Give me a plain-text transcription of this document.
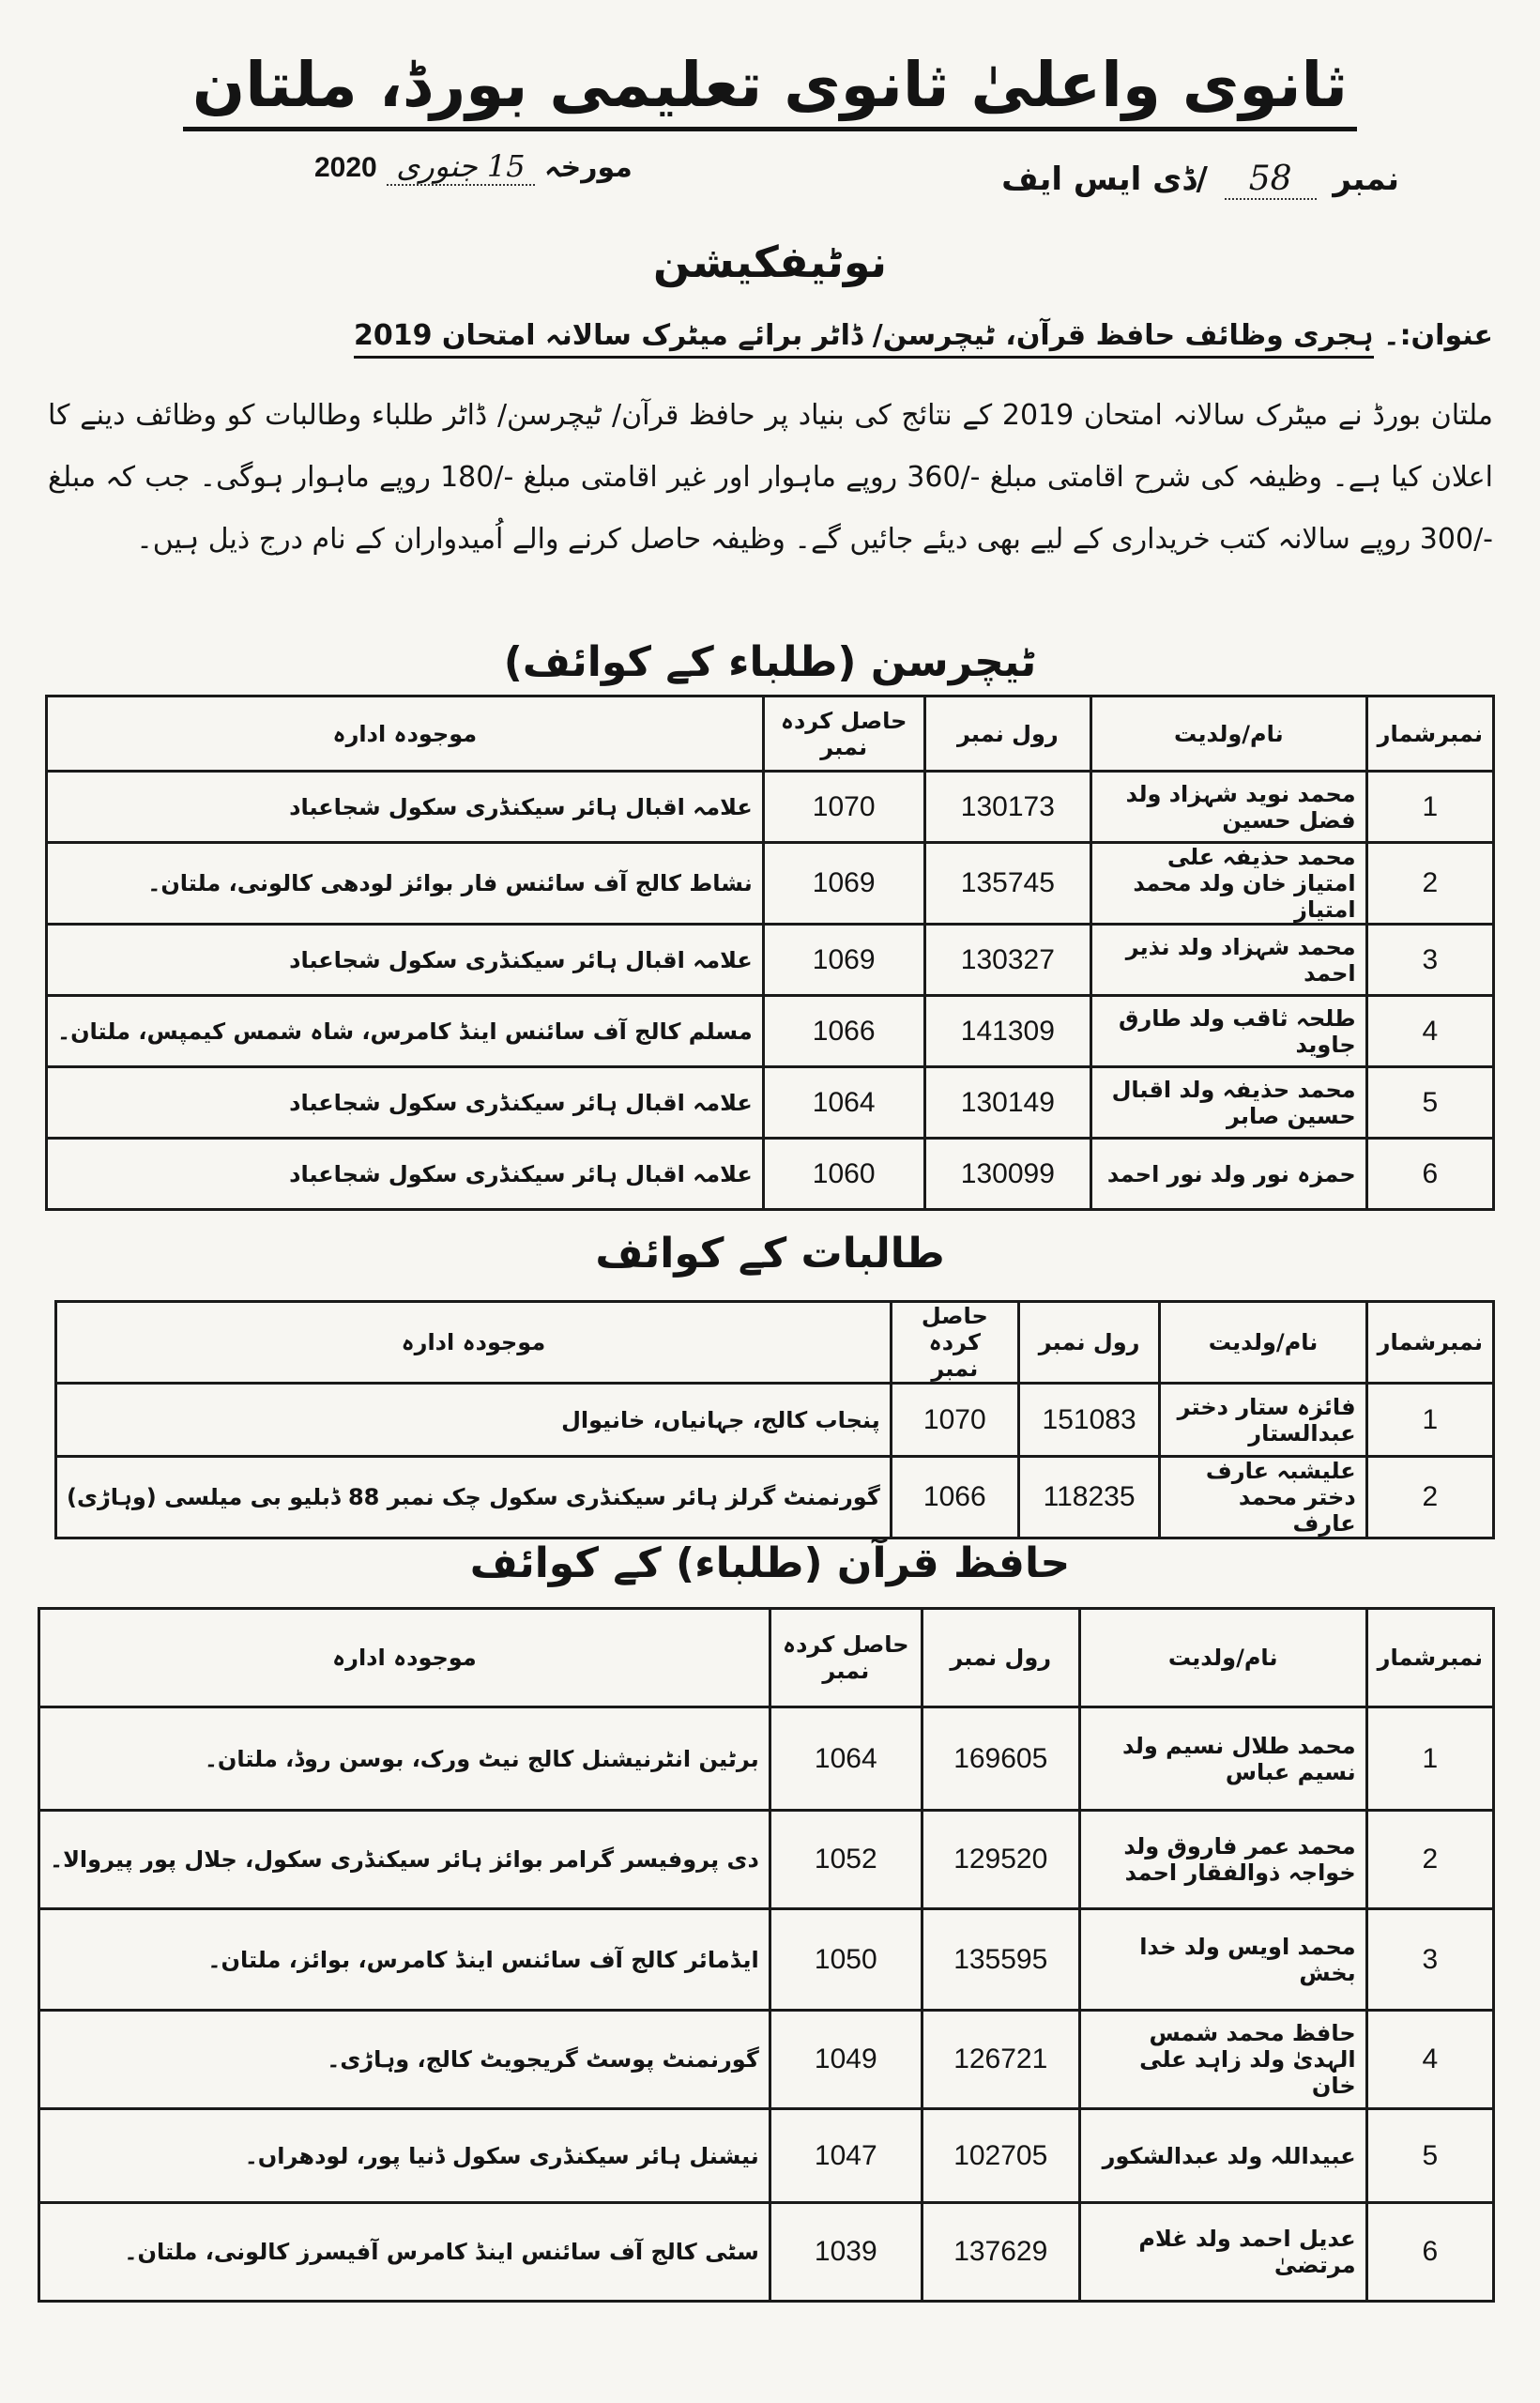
ثانوی واعلیٰ ثانوی تعلیمی بورڈ، ملتان
نمبر 58 /ڈی ایس ایف
مورخہ 15 جنوری 2020
نوٹیفکیشن
عنوان:۔ ہجری وظائف حافظ قرآن، ٹیچرسن/ ڈاٹر برائے میٹرک سالانہ امتحان 2019
ملتان بورڈ نے میٹرک سالانہ امتحان 2019 کے نتائج کی بنیاد پر حافظ قرآن/ ٹیچرسن/ ڈاٹر طلباء وطالبات کو وظائف دینے کا اعلان کیا ہے۔ وظیفہ کی شرح اقامتی مبلغ -/360 روپے ماہوار اور غیر اقامتی مبلغ -/180 روپے ماہوار ہوگی۔ جب کہ مبلغ -/300 روپے سالانہ کتب خریداری کے لیے بھی دیئے جائیں گے۔ وظیفہ حاصل کرنے والے اُمیدواران کے نام درج ذیل ہیں۔
ٹیچرسن (طلباء کے کوائف)
نمبرشمار	نام/ولدیت	رول نمبر	حاصل کردہ نمبر	موجودہ ادارہ
1	محمد نوید شہزاد ولد فضل حسین	130173	1070	علامہ اقبال ہائر سیکنڈری سکول شجاعباد
2	محمد حذیفہ علی امتیاز خان ولد محمد امتیاز	135745	1069	نشاط کالج آف سائنس فار بوائز لودھی کالونی، ملتان۔
3	محمد شہزاد ولد نذیر احمد	130327	1069	علامہ اقبال ہائر سیکنڈری سکول شجاعباد
4	طلحہ ثاقب ولد طارق جاوید	141309	1066	مسلم کالج آف سائنس اینڈ کامرس، شاہ شمس کیمپس، ملتان۔
5	محمد حذیفہ ولد اقبال حسین صابر	130149	1064	علامہ اقبال ہائر سیکنڈری سکول شجاعباد
6	حمزہ نور ولد نور احمد	130099	1060	علامہ اقبال ہائر سیکنڈری سکول شجاعباد
طالبات کے کوائف
نمبرشمار	نام/ولدیت	رول نمبر	حاصل کردہ نمبر	موجودہ ادارہ
1	فائزہ ستار دختر عبدالستار	151083	1070	پنجاب کالج، جہانیاں، خانیوال
2	علیشبہ عارف دختر محمد عارف	118235	1066	گورنمنٹ گرلز ہائر سیکنڈری سکول چک نمبر 88 ڈبلیو بی میلسی (وہاڑی)
حافظ قرآن (طلباء) کے کوائف
نمبرشمار	نام/ولدیت	رول نمبر	حاصل کردہ نمبر	موجودہ ادارہ
1	محمد طلال نسیم ولد نسیم عباس	169605	1064	برٹین انٹرنیشنل کالج نیٹ ورک، بوسن روڈ، ملتان۔
2	محمد عمر فاروق ولد خواجہ ذوالفقار احمد	129520	1052	دی پروفیسر گرامر بوائز ہائر سیکنڈری سکول، جلال پور پیروالا۔
3	محمد اویس ولد خدا بخش	135595	1050	ایڈمائر کالج آف سائنس اینڈ کامرس، بوائز، ملتان۔
4	حافظ محمد شمس الہدیٰ ولد زاہد علی خان	126721	1049	گورنمنٹ پوسٹ گریجویٹ کالج، وہاڑی۔
5	عبیداللہ ولد عبدالشکور	102705	1047	نیشنل ہائر سیکنڈری سکول ڈنیا پور، لودھراں۔
6	عدیل احمد ولد غلام مرتضیٰ	137629	1039	سٹی کالج آف سائنس اینڈ کامرس آفیسرز کالونی، ملتان۔
